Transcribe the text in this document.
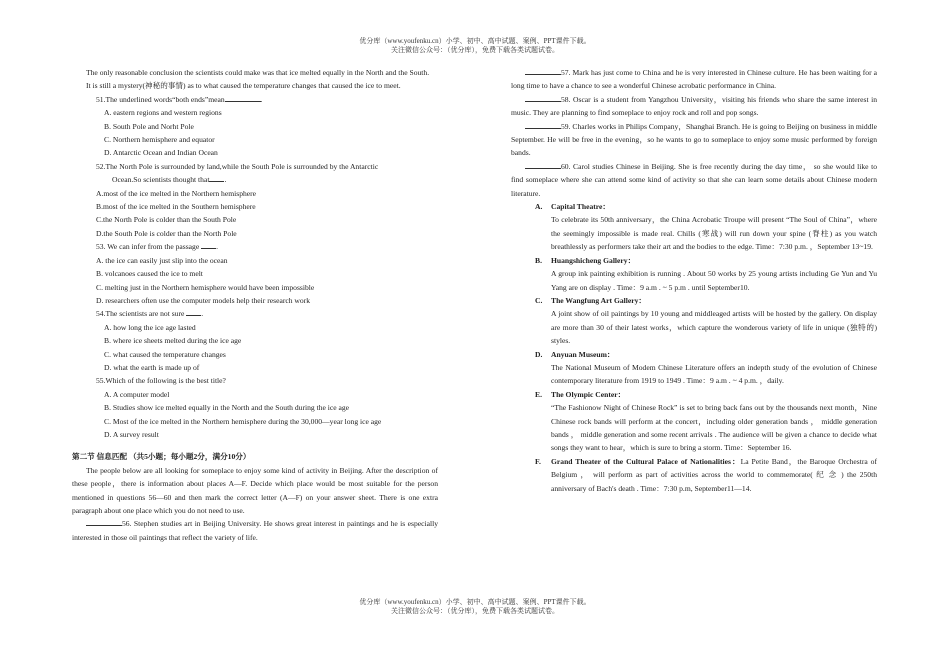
优分库（www.youfenku.cn）小学、初中、高中试题、案例、PPT课件下载。
关注微信公众号：（优分库），免费下载各类试题试卷。

The only reasonable conclusion the scientists could make was that ice melted equally in the North and the South.

It is still a mystery(神秘的事情) as to what caused the temperature changes that caused the ice to meet.

51.The underlined words“both ends”mean	.

A. eastern regions and western regions

B. South Pole and Norht Pole

C. Northern hemisphere and equator

D. Antarctic Ocean and Indian Ocean

52.The North Pole is surrounded by land,while the South Pole is surrounded by the Antarctic

Ocean.So scientists thought that .

A.most of the ice melted in the Northern hemisphere

B.most of the ice melted in the Southern hemisphere

C.the North Pole is colder than the South Pole

D.the South Pole is colder than the North Pole

53. We can infer from the passage .

A. the ice can easily just slip into the ocean

B. volcanoes caused the ice to melt

C. melting just in the Northern hemisphere would have been impossible

D. researchers often use the computer models help their research work

54.The scientists are not sure .

A. how long the ice age lasted

B. where ice sheets melted during the ice age

C. what caused the temperature changes

D. what the earth is made up of

55.Which of the following is the best title?

A. A computer model

B. Studies show ice melted equally in the North and the South during the ice age

C. Most of the ice melted in the Northern hemisphere during the 30,000—year long ice age

D. A survey result

第二节 信息匹配 （共5小题；每小题2分，满分10分）

The people below are all looking for someplace to enjoy some kind of activity in Beijing. After the description of these people，there is information about places A—F. Decide which place would be most suitable for the person mentioned in questions 56—60 and then mark the correct letter (A—F) on your answer sheet. There is one extra paragraph about one place which you do not need to use.

56. Stephen studies art in Beijing University. He shows great interest in paintings and he is especially interested in those oil paintings that reflect the variety of life.

57. Mark has just come to China and he is very interested in Chinese culture. He has been waiting for a long time to have a chance to see a wonderful Chinese acrobatic performance in China.

58. Oscar is a student from Yangzhou University，visiting his friends who share the same interest in music. They are planning to find someplace to enjoy rock and roll and pop songs.

59. Charles works in Philips Company，Shanghai Branch. He is going to Beijing on business in middle September. He will be free in the evening，so he wants to go to someplace to enjoy some music performed by foreign bands.

60. Carol studies Chinese in Beijing. She is free recently during the day time， so she would like to find someplace where she can attend some kind of activity so that she can learn some details about Chinese modern literature.

A.	Capital Theatre：
To celebrate its 50th anniversary，the China Acrobatic Troupe will present “The Soul of China”，where the seemingly impossible is made real. Chills (寒战) will run down your spine (脊柱) as you watch breathlessly as performers take their art and the bodies to the edge. Time：7:30 p.m. ，September 13~19.
B.	Huangshicheng Gallery：
A group ink painting exhibition is running . About 50 works by 25 young artists including Ge Yun and Yu Yang are on display . Time：9 a.m . ~ 5 p.m . until September10.
C.	The Wangfung Art Gallery：
A joint show of oil paintings by 10 young and middleaged artists will be hosted by the gallery. On display are more than 30 of their latest works，which capture the wonderous variety of life in unique (独特的) styles.
D.	Anyuan Museum：
The National Museum of Modem Chinese Literature offers an indepth study of the evolution of Chinese contemporary literature from 1919 to 1949 . Time：9 a.m . ~ 4 p.m. ，daily.
E.	The Olympic Center：
“The Fashionow Night of Chinese Rock” is set to bring back fans out by the thousands next month，Nine Chinese rock bands will perform at the concert，including older generation bands ， middle generation bands ， middle generation and some recent arrivals . The audience will be given a chance to decide what songs they want to hear，which is sure to bring a storm. Time：September 16.
F.	Grand Theater of the Cultural Palace of Nationalities：La Petite Band，the Baroque Orchestra of Belgium ， will perform as part of activities across the world to commemorate( 纪 念 ) the 250th anniversary of Bach's death . Time：7:30 p.m, September11—14.
优分库（www.youfenku.cn）小学、初中、高中试题、案例、PPT课件下载。
关注微信公众号：（优分库），免费下载各类试题试卷。
